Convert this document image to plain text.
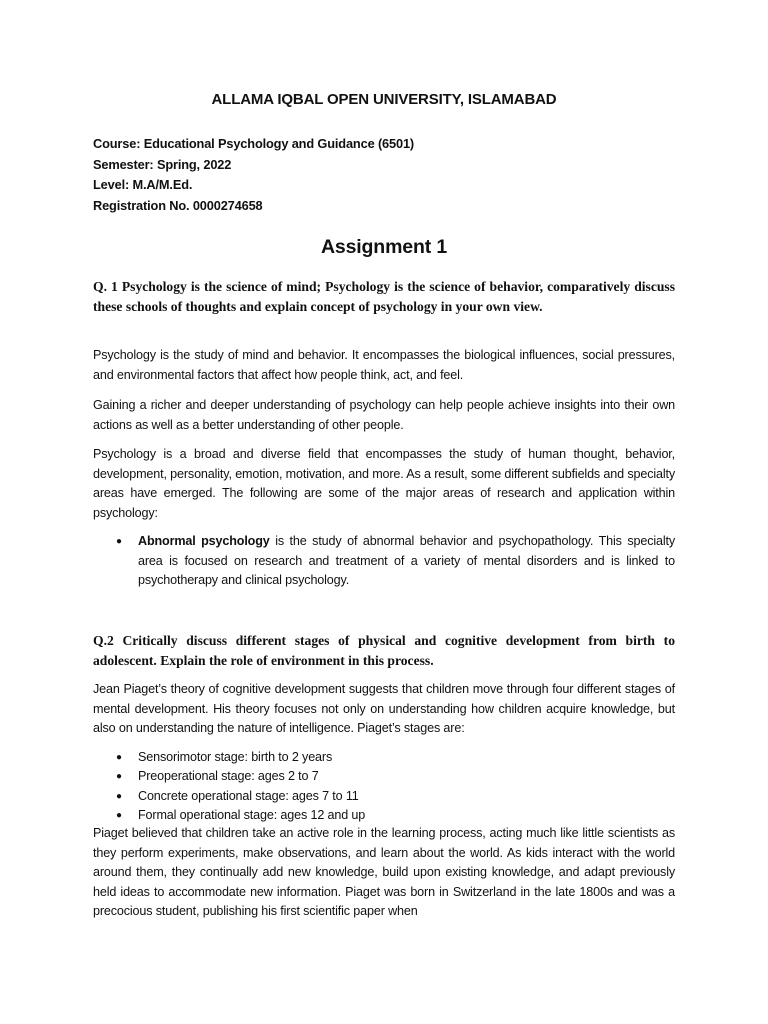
ALLAMA IQBAL OPEN UNIVERSITY, ISLAMABAD
Course: Educational Psychology and Guidance (6501)
Semester: Spring, 2022
Level: M.A/M.Ed.
Registration No. 0000274658
Assignment 1
Q. 1 Psychology is the science of mind; Psychology is the science of behavior, comparatively discuss these schools of thoughts and explain concept of psychology in your own view.
Psychology is the study of mind and behavior. It encompasses the biological influences, social pressures, and environmental factors that affect how people think, act, and feel.
Gaining a richer and deeper understanding of psychology can help people achieve insights into their own actions as well as a better understanding of other people.
Psychology is a broad and diverse field that encompasses the study of human thought, behavior, development, personality, emotion, motivation, and more. As a result, some different subfields and specialty areas have emerged. The following are some of the major areas of research and application within psychology:
● Abnormal psychology is the study of abnormal behavior and psychopathology. This specialty area is focused on research and treatment of a variety of mental disorders and is linked to psychotherapy and clinical psychology.
Q.2 Critically discuss different stages of physical and cognitive development from birth to adolescent. Explain the role of environment in this process.
Jean Piaget’s theory of cognitive development suggests that children move through four different stages of mental development. His theory focuses not only on understanding how children acquire knowledge, but also on understanding the nature of intelligence. Piaget’s stages are:
● Sensorimotor stage: birth to 2 years
● Preoperational stage: ages 2 to 7
● Concrete operational stage: ages 7 to 11
● Formal operational stage: ages 12 and up
Piaget believed that children take an active role in the learning process, acting much like little scientists as they perform experiments, make observations, and learn about the world. As kids interact with the world around them, they continually add new knowledge, build upon existing knowledge, and adapt previously held ideas to accommodate new information. Piaget was born in Switzerland in the late 1800s and was a precocious student, publishing his first scientific paper when
